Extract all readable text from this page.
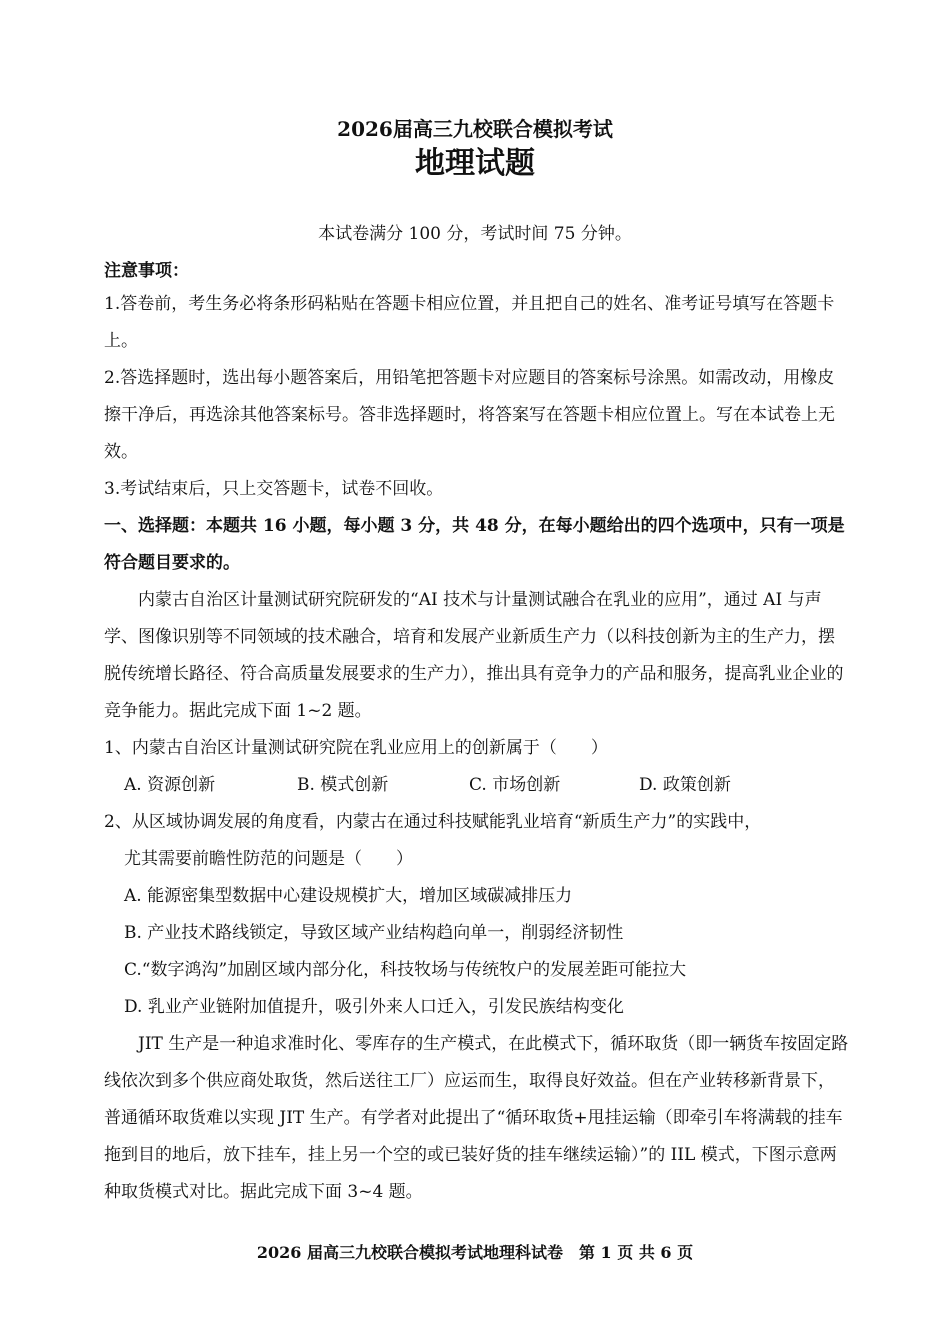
2026届高三九校联合模拟考试
地理试题
本试卷满分 100 分，考试时间 75 分钟。

注意事项：

1.答卷前，考生务必将条形码粘贴在答题卡相应位置，并且把自己的姓名、准考证号填写在答题卡上。

2.答选择题时，选出每小题答案后，用铅笔把答题卡对应题目的答案标号涂黑。如需改动，用橡皮擦干净后，再选涂其他答案标号。答非选择题时，将答案写在答题卡相应位置上。写在本试卷上无效。

3.考试结束后，只上交答题卡，试卷不回收。

一、选择题：本题共 16 小题，每小题 3 分，共 48 分，在每小题给出的四个选项中，只有一项是符合题目要求的。

内蒙古自治区计量测试研究院研发的“AI 技术与计量测试融合在乳业的应用”，通过 AI 与声学、图像识别等不同领域的技术融合，培育和发展产业新质生产力（以科技创新为主的生产力，摆脱传统增长路径、符合高质量发展要求的生产力），推出具有竞争力的产品和服务，提高乳业企业的竞争能力。据此完成下面 1~2 题。

1、内蒙古自治区计量测试研究院在乳业应用上的创新属于（　　）

A. 资源创新	B. 模式创新	C. 市场创新	D. 政策创新

2、从区域协调发展的角度看，内蒙古在通过科技赋能乳业培育“新质生产力”的实践中，

尤其需要前瞻性防范的问题是（　　）

A. 能源密集型数据中心建设规模扩大，增加区域碳减排压力

B. 产业技术路线锁定，导致区域产业结构趋向单一，削弱经济韧性

C.“数字鸿沟”加剧区域内部分化，科技牧场与传统牧户的发展差距可能拉大

D. 乳业产业链附加值提升，吸引外来人口迁入，引发民族结构变化

JIT 生产是一种追求准时化、零库存的生产模式，在此模式下，循环取货（即一辆货车按固定路线依次到多个供应商处取货，然后送往工厂）应运而生，取得良好效益。但在产业转移新背景下，普通循环取货难以实现 JIT 生产。有学者对此提出了“循环取货+甩挂运输（即牵引车将满载的挂车拖到目的地后，放下挂车，挂上另一个空的或已装好货的挂车继续运输）”的 IIL 模式，下图示意两种取货模式对比。据此完成下面 3~4 题。

2026 届高三九校联合模拟考试地理科试卷　第 1 页 共 6 页
